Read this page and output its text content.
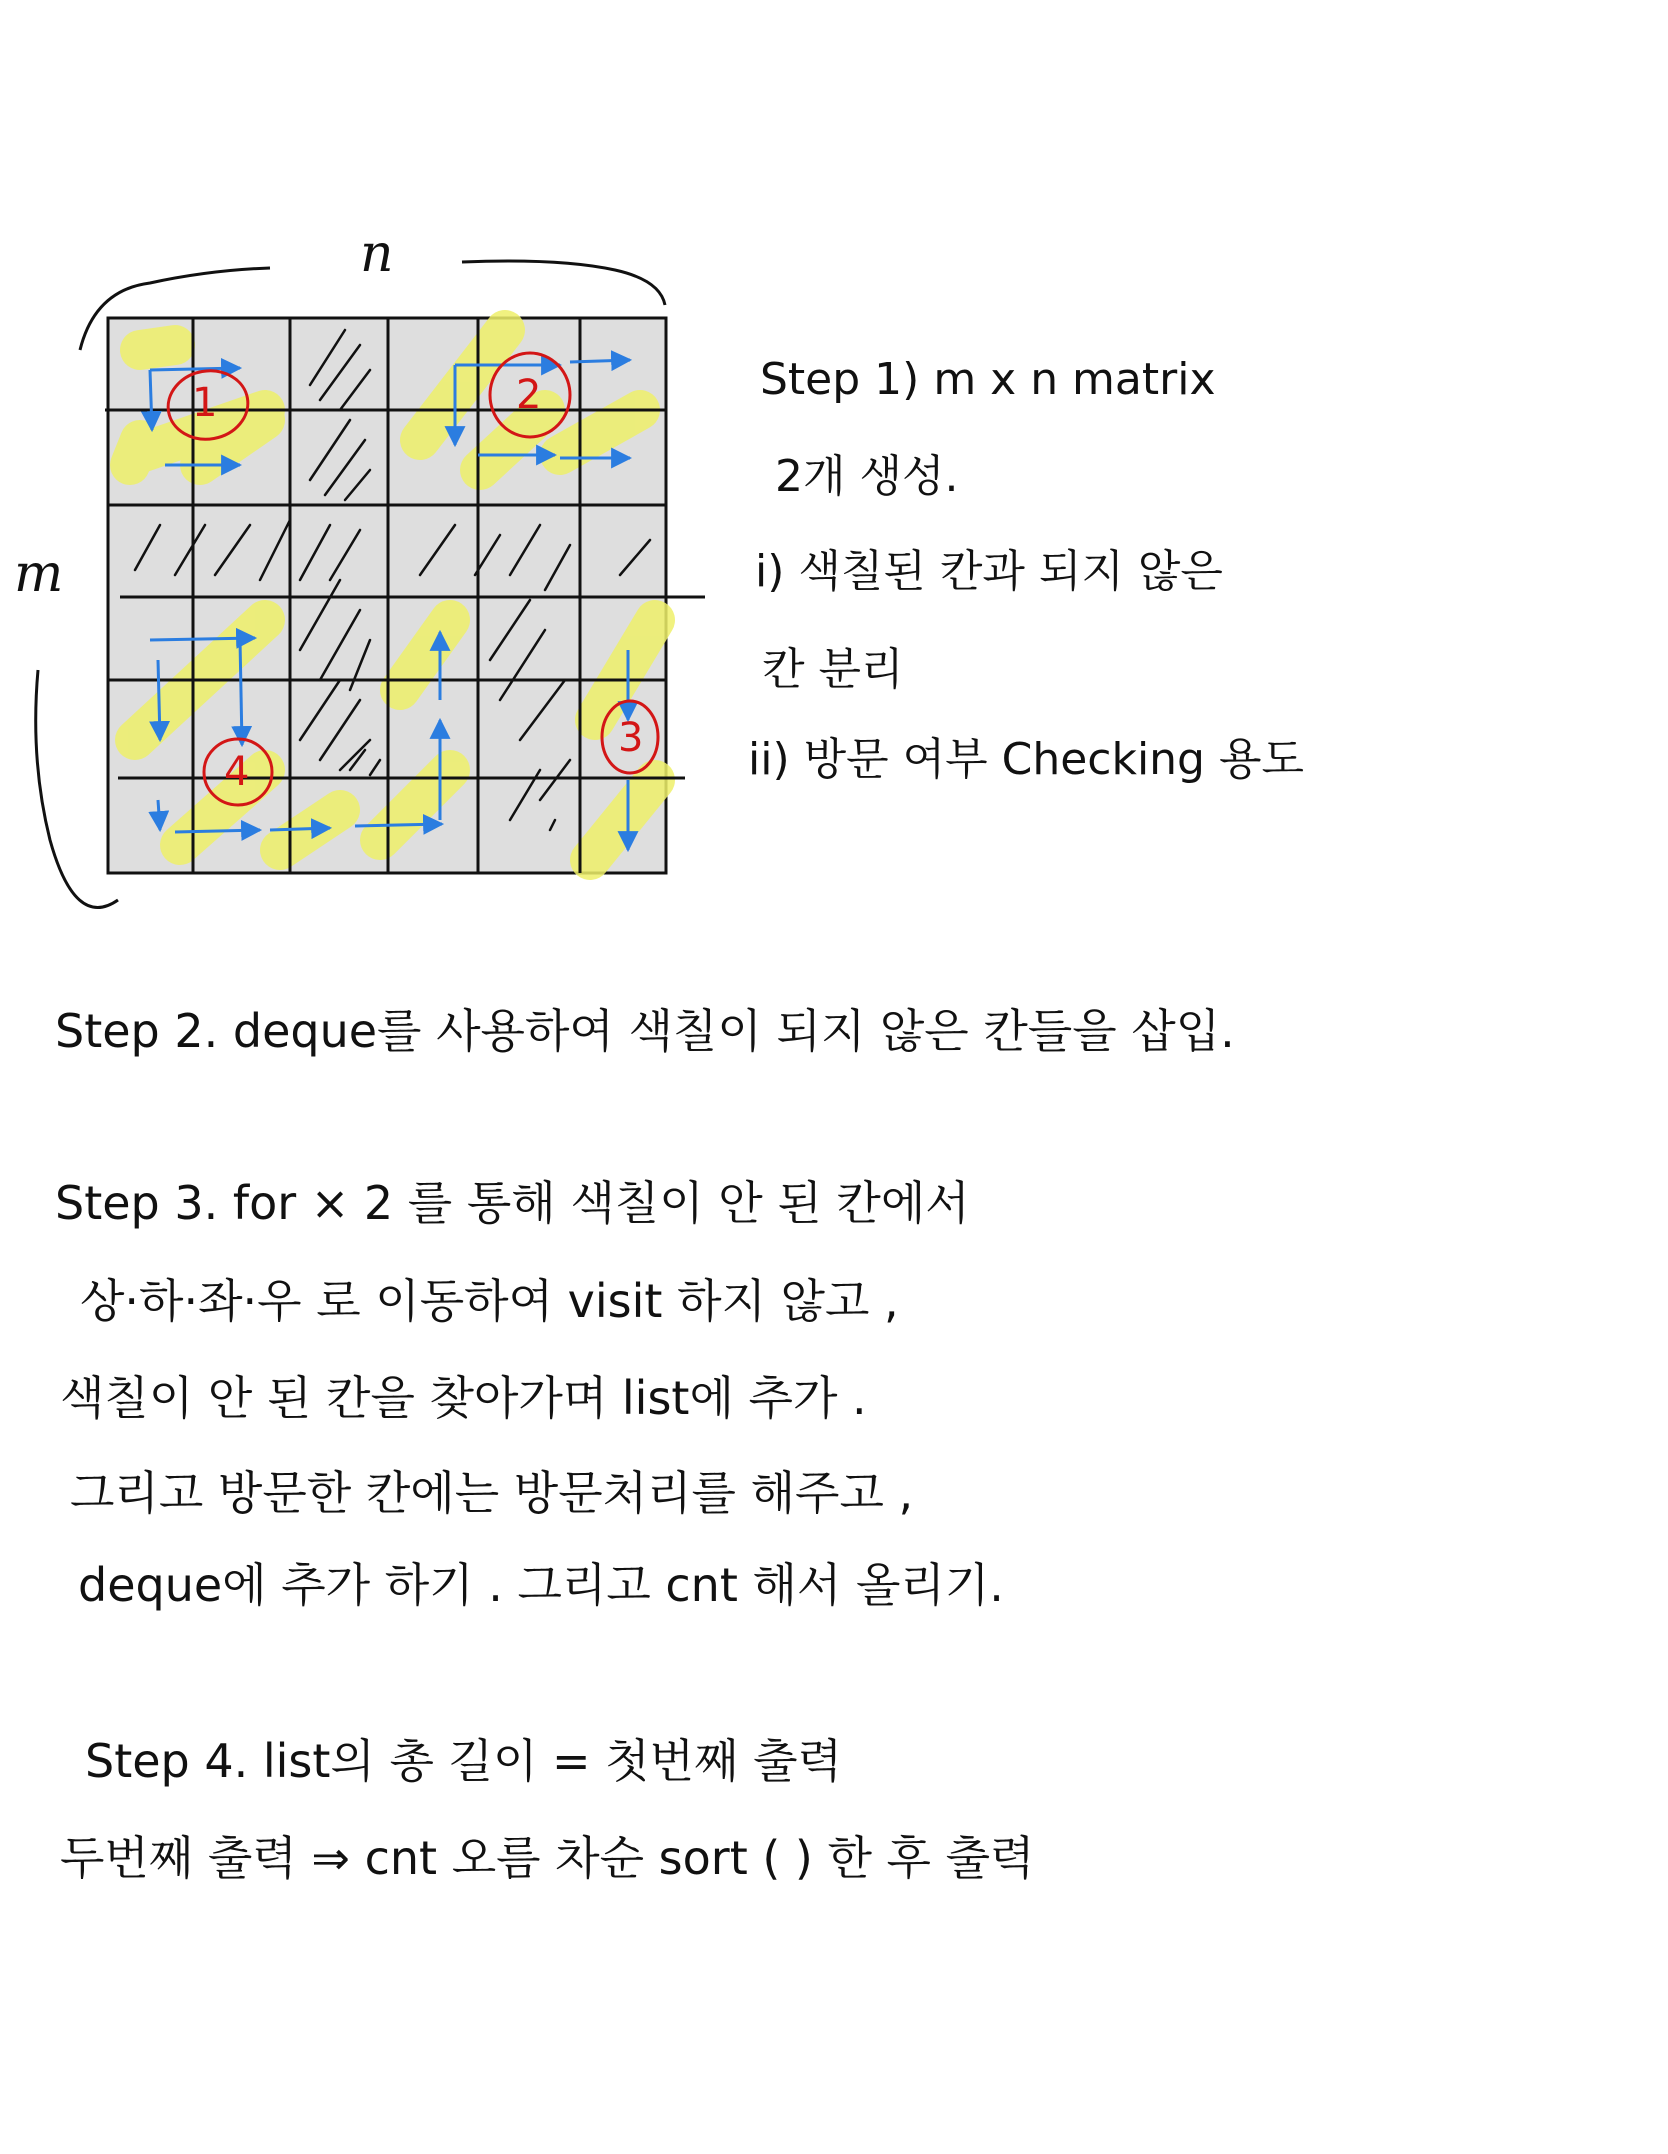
1	2
3
4
n
m
Step 1) m x n matrix
2개 생성.
i) 색칠된 칸과 되지 않은
칸 분리
ii) 방문 여부 Checking 용도
Step 2. deque를 사용하여 색칠이 되지 않은 칸들을 삽입.
Step 3. for × 2 를 통해 색칠이 안 된 칸에서
상·하·좌·우 로 이동하여 visit 하지 않고 ,
색칠이 안 된 칸을 찾아가며 list에 추가 .
그리고 방문한 칸에는 방문처리를 해주고 ,
deque에 추가 하기 . 그리고 cnt 해서 올리기.
Step 4. list의 총 길이 = 첫번째 출력
두번째 출력 ⇒ cnt 오름 차순 sort ( ) 한 후 출력
